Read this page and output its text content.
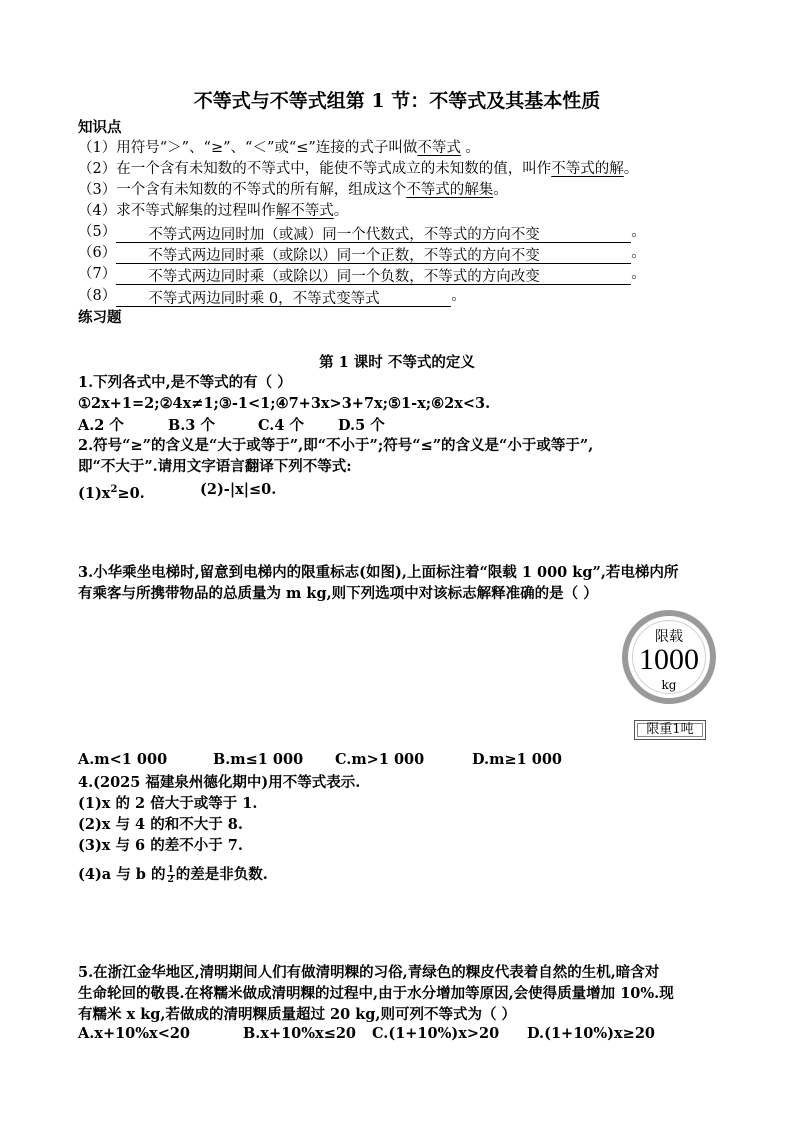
不等式与不等式组第 1 节：不等式及其基本性质
知识点
（1）用符号“＞”、“≥”、“＜”或“≤”连接的式子叫做不等式 。
（2）在一个含有未知数的不等式中，能使不等式成立的未知数的值，叫作不等式的解。
（3）一个含有未知数的不等式的所有解，组成这个不等式的解集。
（4）求不等式解集的过程叫作解不等式。
（5） 不等式两边同时加（或减）同一个代数式，不等式的方向不变	。
（6） 不等式两边同时乘（或除以）同一个正数，不等式的方向不变	。
（7） 不等式两边同时乘（或除以）同一个负数，不等式的方向改变	。
（8） 不等式两边同时乘 0，不等式变等式	。
练习题
第 1 课时 不等式的定义
1.下列各式中,是不等式的有（ ）
①2x+1=2;②4x≠1;③-1<1;④7+3x>3+7x;⑤1-x;⑥2x<3.
A.2 个	B.3 个	C.4 个 D.5 个
2.符号“≥”的含义是“大于或等于”,即“不小于”;符号“≤”的含义是“小于或等于”,
即“不大于”.请用文字语言翻译下列不等式:
$(1)x^2\ge 0$.	(2)-|x|≤0.
3.小华乘坐电梯时,留意到电梯内的限重标志(如图),上面标注着“限载 1 000 kg”,若电梯内所
有乘客与所携带物品的总质量为 m kg,则下列选项中对该标志解释准确的是（ ）
限载
1000
kg
限重1吨
A.m<1 000	B.m≤1 000 C.m>1 000	D.m≥1 000
4.(2025 福建泉州德化期中)用不等式表示.
(1)x 的 2 倍大于或等于 1.
(2)x 与 4 的和不大于 8.
(3)x 与 6 的差不小于 7.
(4)a 与 b 的 $\frac{1}{2}$ 的差是非负数.
5.在浙江金华地区,清明期间人们有做清明粿的习俗,青绿色的粿皮代表着自然的生机,暗含对
生命轮回的敬畏.在将糯米做成清明粿的过程中,由于水分增加等原因,会使得质量增加 10%.现
有糯米 x kg,若做成的清明粿质量超过 20 kg,则可列不等式为（ ）
A.x+10%x<20	B.x+10%x≤20 C.(1+10%)x>20 D.(1+10%)x≥20
